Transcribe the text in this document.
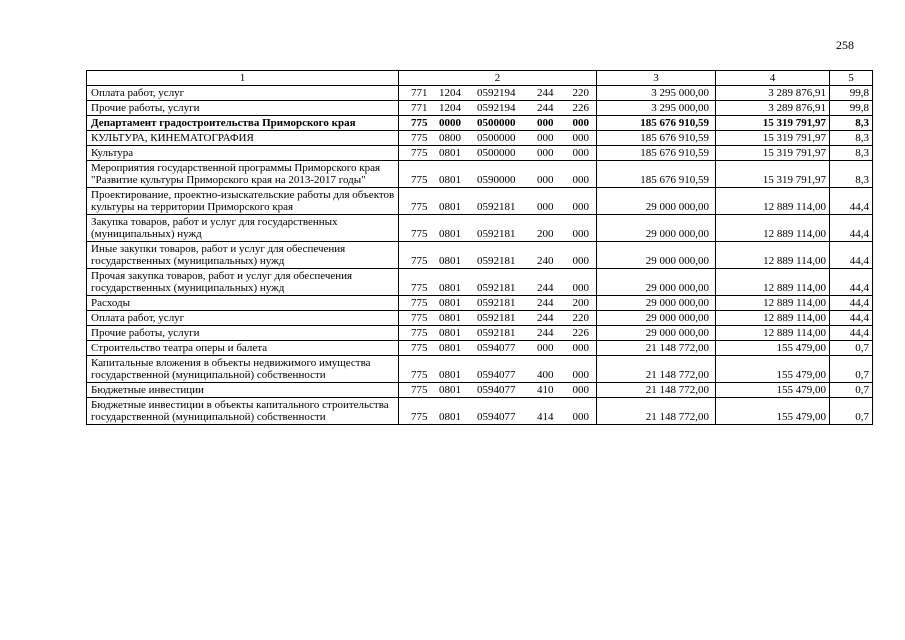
258
1	2	3	4	5
Оплата работ, услуг	771 1204 0592194 244 220	3 295 000,00	3 289 876,91	99,8
Прочие работы, услуги	771 1204 0592194 244 226	3 295 000,00	3 289 876,91	99,8
Департамент градостроительства Приморского края	775 0000 0500000 000 000	185 676 910,59	15 319 791,97	8,3
КУЛЬТУРА, КИНЕМАТОГРАФИЯ	775 0800 0500000 000 000	185 676 910,59	15 319 791,97	8,3
Культура	775 0801 0500000 000 000	185 676 910,59	15 319 791,97	8,3
Мероприятия государственной программы Приморского края "Развитие культуры Приморского края на 2013-2017 годы"	775 0801 0590000 000 000	185 676 910,59	15 319 791,97	8,3
Проектирование, проектно-изыскательские работы для объектов культуры на территории Приморского края	775 0801 0592181 000 000	29 000 000,00	12 889 114,00	44,4
Закупка товаров, работ и услуг для государственных (муниципальных) нужд	775 0801 0592181 200 000	29 000 000,00	12 889 114,00	44,4
Иные закупки товаров, работ и услуг для обеспечения государственных (муниципальных) нужд	775 0801 0592181 240 000	29 000 000,00	12 889 114,00	44,4
Прочая закупка товаров, работ и услуг для обеспечения государственных (муниципальных) нужд	775 0801 0592181 244 000	29 000 000,00	12 889 114,00	44,4
Расходы	775 0801 0592181 244 200	29 000 000,00	12 889 114,00	44,4
Оплата работ, услуг	775 0801 0592181 244 220	29 000 000,00	12 889 114,00	44,4
Прочие работы, услуги	775 0801 0592181 244 226	29 000 000,00	12 889 114,00	44,4
Строительство театра оперы и балета	775 0801 0594077 000 000	21 148 772,00	155 479,00	0,7
Капитальные вложения в объекты недвижимого имущества государственной (муниципальной) собственности	775 0801 0594077 400 000	21 148 772,00	155 479,00	0,7
Бюджетные инвестиции	775 0801 0594077 410 000	21 148 772,00	155 479,00	0,7
Бюджетные инвестиции в объекты капитального строительства государственной (муниципальной) собственности	775 0801 0594077 414 000	21 148 772,00	155 479,00	0,7
